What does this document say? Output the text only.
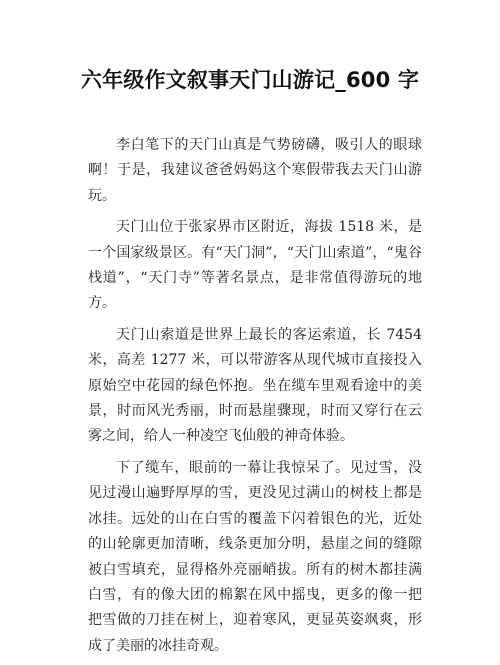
六年级作文叙事天门山游记_600 字

李白笔下的天门山真是气势磅礴，吸引人的眼球啊！于是，我建议爸爸妈妈这个寒假带我去天门山游玩。

天门山位于张家界市区附近，海拔 1518 米，是一个国家级景区。有“天门洞”，“天门山索道”，“鬼谷栈道”，“天门寺”等著名景点，是非常值得游玩的地方。

天门山索道是世界上最长的客运索道，长 7454 米，高差 1277 米，可以带游客从现代城市直接投入原始空中花园的绿色怀抱。坐在缆车里观看途中的美景，时而风光秀丽，时而悬崖骤现，时而又穿行在云雾之间，给人一种凌空飞仙般的神奇体验。

下了缆车，眼前的一幕让我惊呆了。见过雪，没见过漫山遍野厚厚的雪，更没见过满山的树枝上都是冰挂。远处的山在白雪的覆盖下闪着银色的光，近处的山轮廓更加清晰，线条更加分明，悬崖之间的缝隙被白雪填充，显得格外亮丽峭拔。所有的树木都挂满白雪，有的像大团的棉絮在风中摇曳，更多的像一把把雪做的刀挂在树上，迎着寒风，更显英姿飒爽，形成了美丽的冰挂奇观。
